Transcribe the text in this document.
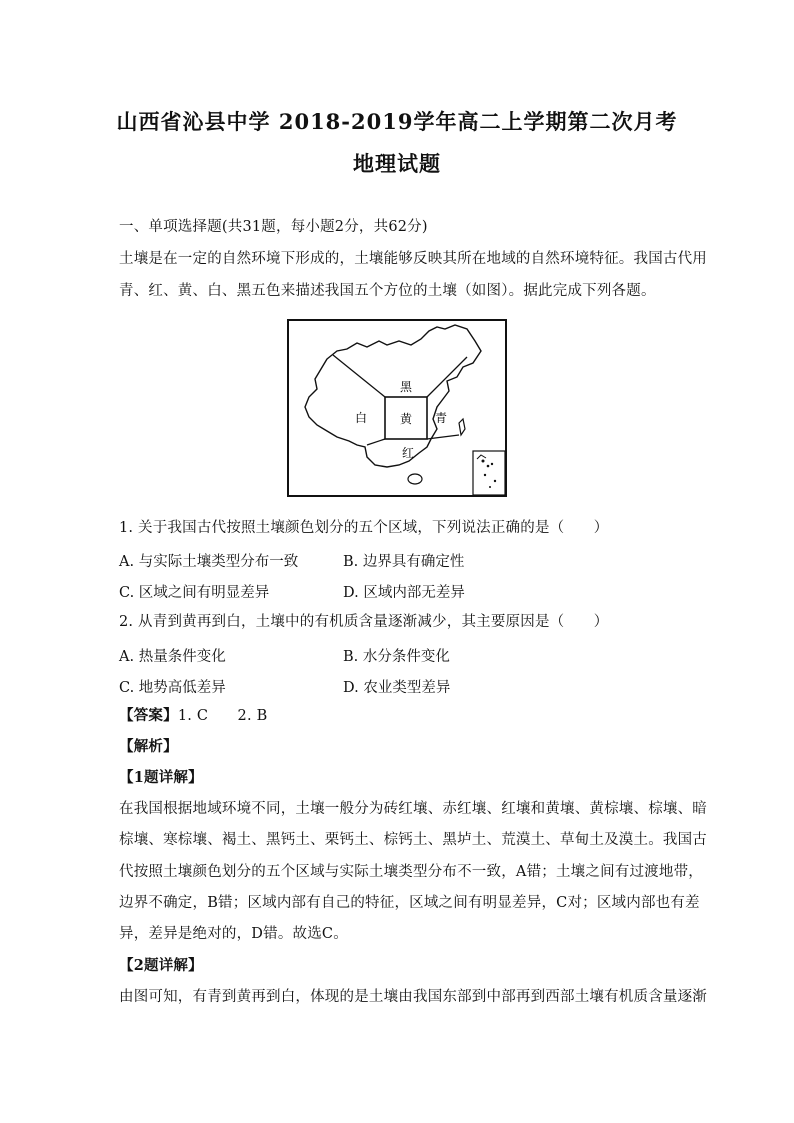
山西省沁县中学 2018-2019学年高二上学期第二次月考
地理试题
一、单项选择题(共31题，每小题2分，共62分)
土壤是在一定的自然环境下形成的，土壤能够反映其所在地域的自然环境特征。我国古代用
青、红、黄、白、黑五色来描述我国五个方位的土壤（如图）。据此完成下列各题。
黑
白	黄 青
红
1. 关于我国古代按照土壤颜色划分的五个区域，下列说法正确的是（　　）
A. 与实际土壤类型分布一致	B. 边界具有确定性
C. 区域之间有明显差异	D. 区域内部无差异
2. 从青到黄再到白，土壤中的有机质含量逐渐减少，其主要原因是（　　）
A. 热量条件变化	B. 水分条件变化
C. 地势高低差异	D. 农业类型差异
【答案】1. C　　2. B
【解析】
【1题详解】
在我国根据地域环境不同，土壤一般分为砖红壤、赤红壤、红壤和黄壤、黄棕壤、棕壤、暗
棕壤、寒棕壤、褐土、黑钙土、栗钙土、棕钙土、黑垆土、荒漠土、草甸土及漠土。我国古
代按照土壤颜色划分的五个区域与实际土壤类型分布不一致，A错；土壤之间有过渡地带，
边界不确定，B错；区域内部有自己的特征，区域之间有明显差异，C对；区域内部也有差
异，差异是绝对的，D错。故选C。
【2题详解】
由图可知，有青到黄再到白，体现的是土壤由我国东部到中部再到西部土壤有机质含量逐渐
